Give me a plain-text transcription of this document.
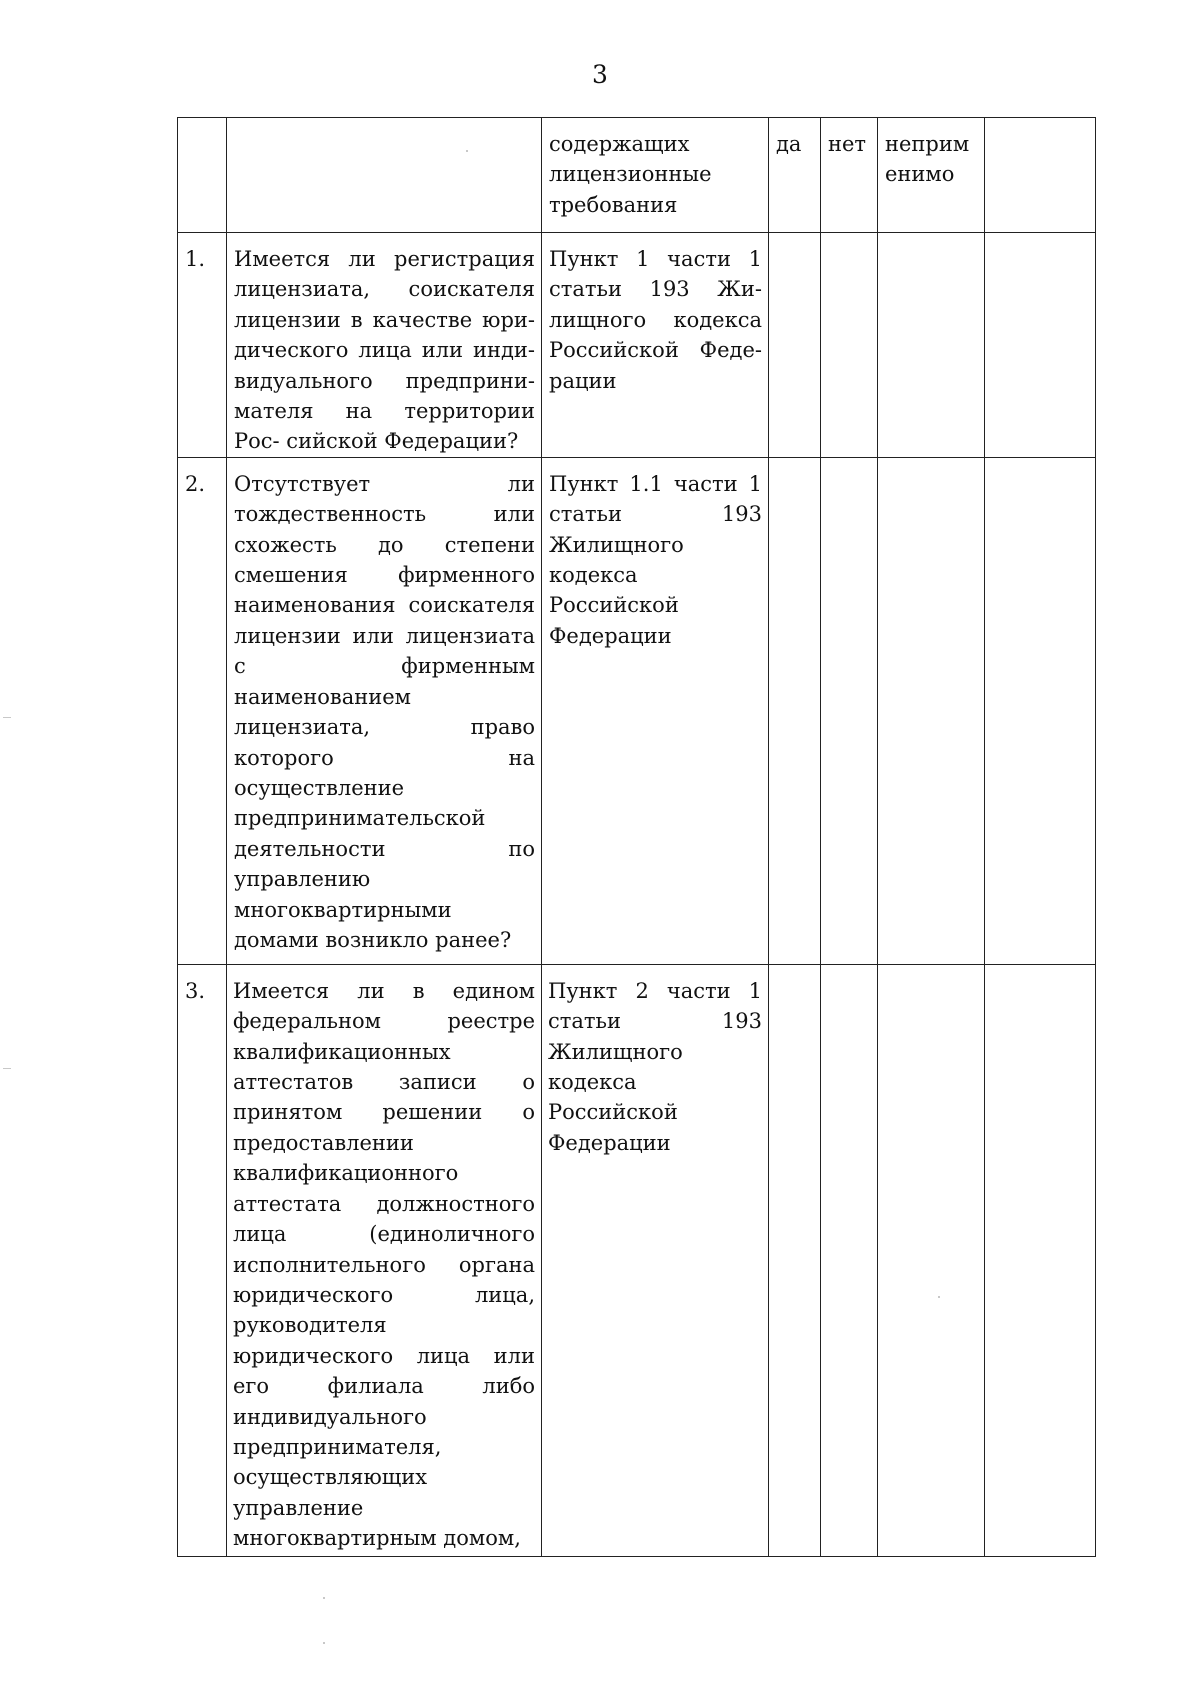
3
		содержащих лицензионные требования	да	нет	неприм енимо	
1.	Имеется ли регистрация лицензиата, соискателя лицензии в качестве юри- дического лица или инди- видуального предприни- мателя на территории Рос- сийской Федерации?	Пункт 1 части 1 статьи 193 Жи- лищного кодекса Российской Феде- рации				
2.	Отсутствует ли тождественность или схожесть до степени смешения фирменного наименования соискателя лицензии или лицензиата с фирменным наименованием лицензиата, право которого на осуществление предпринимательской деятельности по управлению многоквартирными домами возникло ранее?	Пункт 1.1 части 1 статьи 193 Жилищного кодекса Российской Федерации				
3.	Имеется ли в едином федеральном реестре квалификационных аттестатов записи о принятом решении о предоставлении квалификационного аттестата должностного лица (единоличного исполнительного органа юридического лица, руководителя юридического лица или его филиала либо индивидуального предпринимателя, осуществляющих управление многоквартирным домом,	Пункт 2 части 1 статьи 193 Жилищного кодекса Российской Федерации				
